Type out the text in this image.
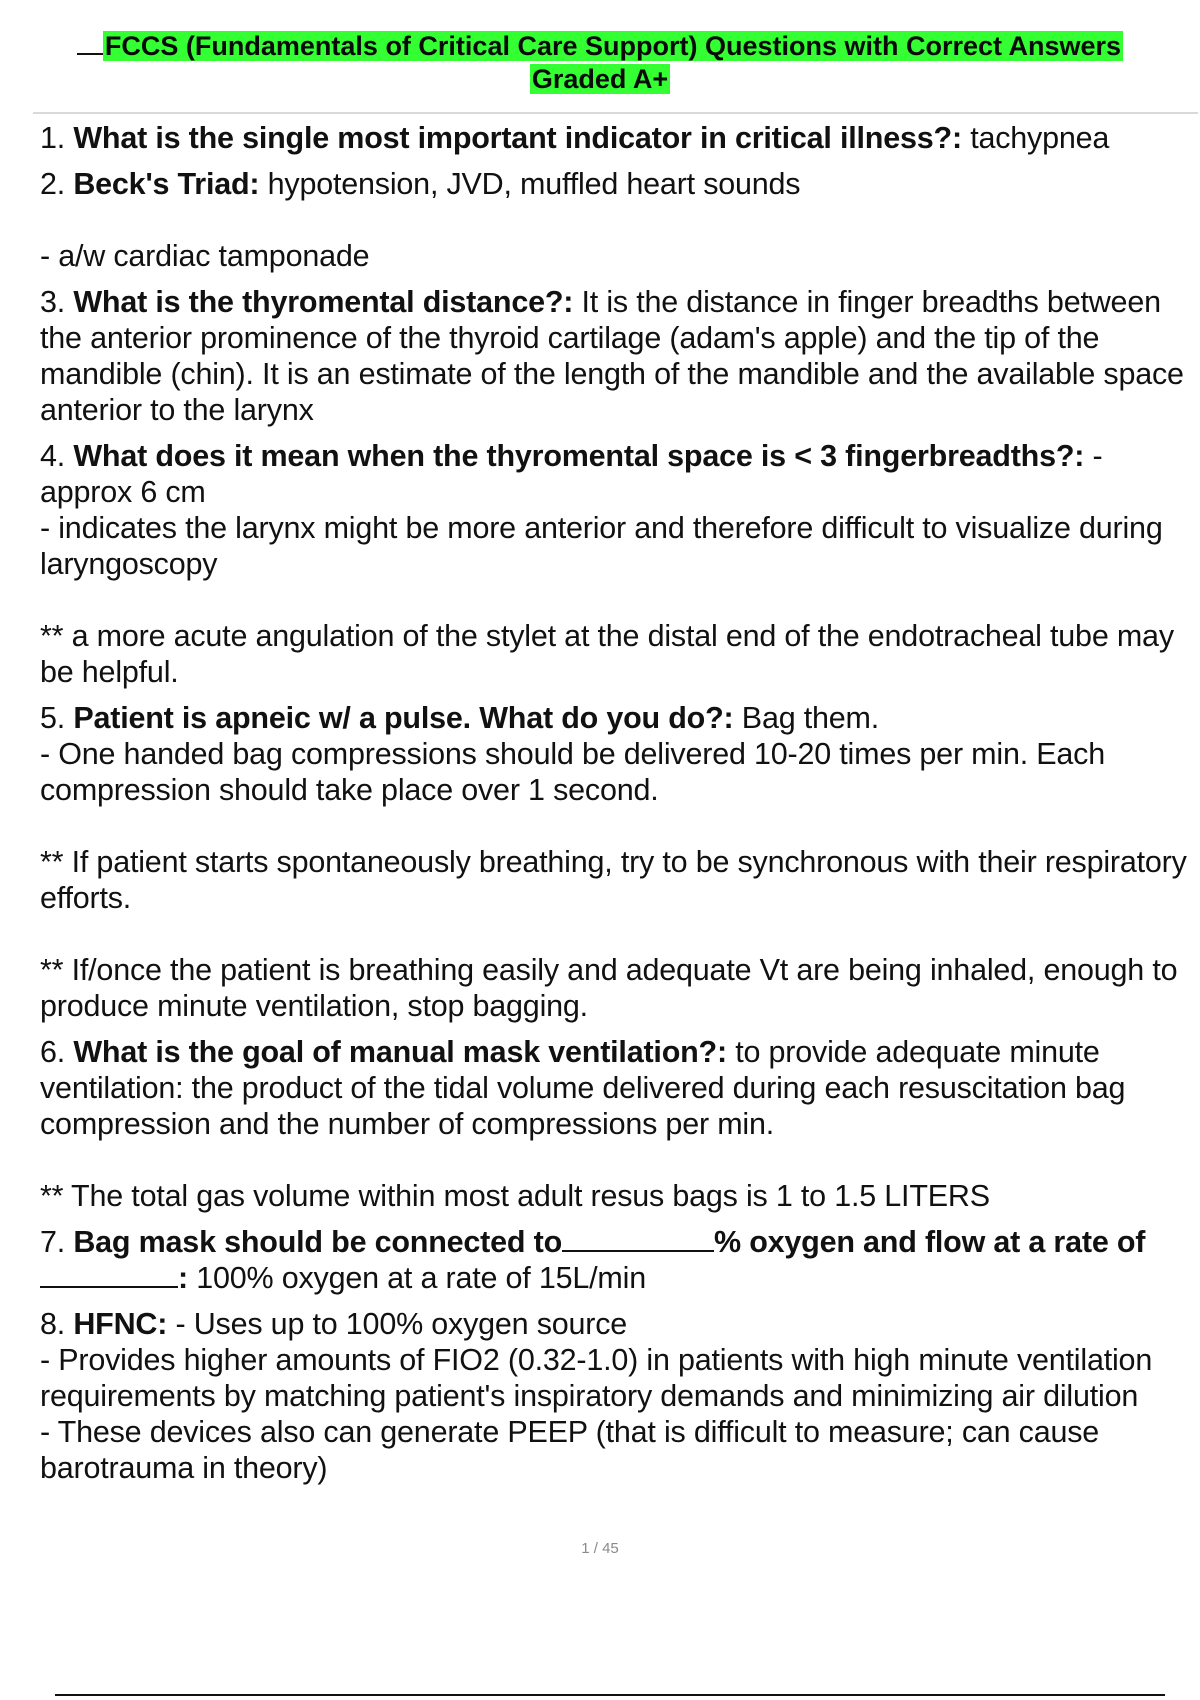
FCCS (Fundamentals of Critical Care Support) Questions with Correct Answers Graded A+

1. What is the single most important indicator in critical illness?: tachypnea

2. Beck's Triad: hypotension, JVD, muffled heart sounds

- a/w cardiac tamponade

3. What is the thyromental distance?: It is the distance in finger breadths between the anterior prominence of the thyroid cartilage (adam's apple) and the tip of the mandible (chin). It is an estimate of the length of the mandible and the available space anterior to the larynx

4. What does it mean when the thyromental space is < 3 fingerbreadths?: - approx 6 cm

- indicates the larynx might be more anterior and therefore difficult to visualize during laryngoscopy

** a more acute angulation of the stylet at the distal end of the endotracheal tube may be helpful.

5. Patient is apneic w/ a pulse. What do you do?: Bag them.

- One handed bag compressions should be delivered 10-20 times per min. Each compression should take place over 1 second.

** If patient starts spontaneously breathing, try to be synchronous with their respiratory efforts.

** If/once the patient is breathing easily and adequate Vt are being inhaled, enough to produce minute ventilation, stop bagging.

6. What is the goal of manual mask ventilation?: to provide adequate minute ventilation: the product of the tidal volume delivered during each resuscitation bag compression and the number of compressions per min.

** The total gas volume within most adult resus bags is 1 to 1.5 LITERS

7. Bag mask should be connected to	% oxygen and flow at a rate of: 100% oxygen at a rate of 15L/min

8. HFNC: - Uses up to 100% oxygen source

- Provides higher amounts of FIO2 (0.32-1.0) in patients with high minute ventilation requirements by matching patient's inspiratory demands and minimizing air dilution

- These devices also can generate PEEP (that is difficult to measure; can cause barotrauma in theory)

1 / 45
